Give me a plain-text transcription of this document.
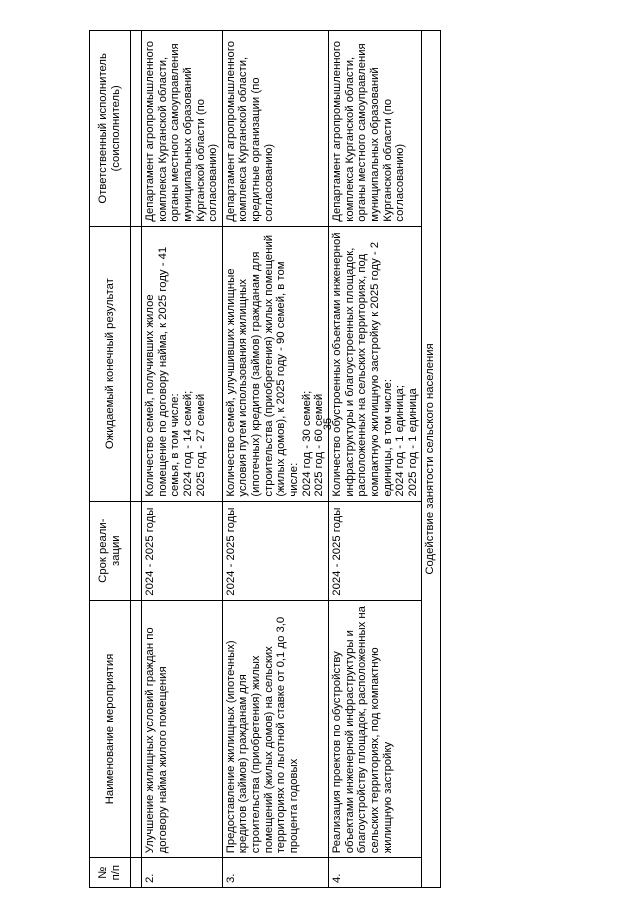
35
№ п/п	Наименование мероприятия	Срок реали-зации	Ожидаемый конечный результат	Ответственный исполнитель (соисполнитель)

2.	Улучшение жилищных условий граждан по договору найма жилого помещения	2024 - 2025 годы	Количество семей, получивших жилое помещение по договору найма, к 2025 году - 41 семья, в том числе: 2024 год - 14 семей; 2025 год - 27 семей	Департамент агропромышленного комплекса Курганской области, органы местного самоуправления муниципальных образований Курганской области (по согласованию)
3.	Предоставление жилищных (ипотечных) кредитов (займов) гражданам для строительства (приобретения) жилых помещений (жилых домов) на сельских территориях по льготной ставке от 0,1 до 3,0 процента годовых	2024 - 2025 годы	Количество семей, улучшивших жилищные условия путем использования жилищных (ипотечных) кредитов (займов) гражданам для строительства (приобретения) жилых помещений (жилых домов), к 2025 году - 90 семей, в том числе: 2024 год - 30 семей; 2025 год - 60 семей	Департамент агропромышленного комплекса Курганской области, кредитные организации (по согласованию)
4.	Реализация проектов по обустройству объектами инженерной инфраструктуры и благоустройству площадок, расположенных на сельских территориях, под компактную жилищную застройку	2024 - 2025 годы	Количество обустроенных объектами инженерной инфраструктуры и благоустроенных площадок, расположенных на сельских территориях, под компактную жилищную застройку к 2025 году - 2 единицы, в том числе: 2024 год - 1 единица; 2025 год - 1 единица	Департамент агропромышленного комплекса Курганской области, органы местного самоуправления муниципальных образований Курганской области (по согласованию)
Содействие занятости сельского населения				
